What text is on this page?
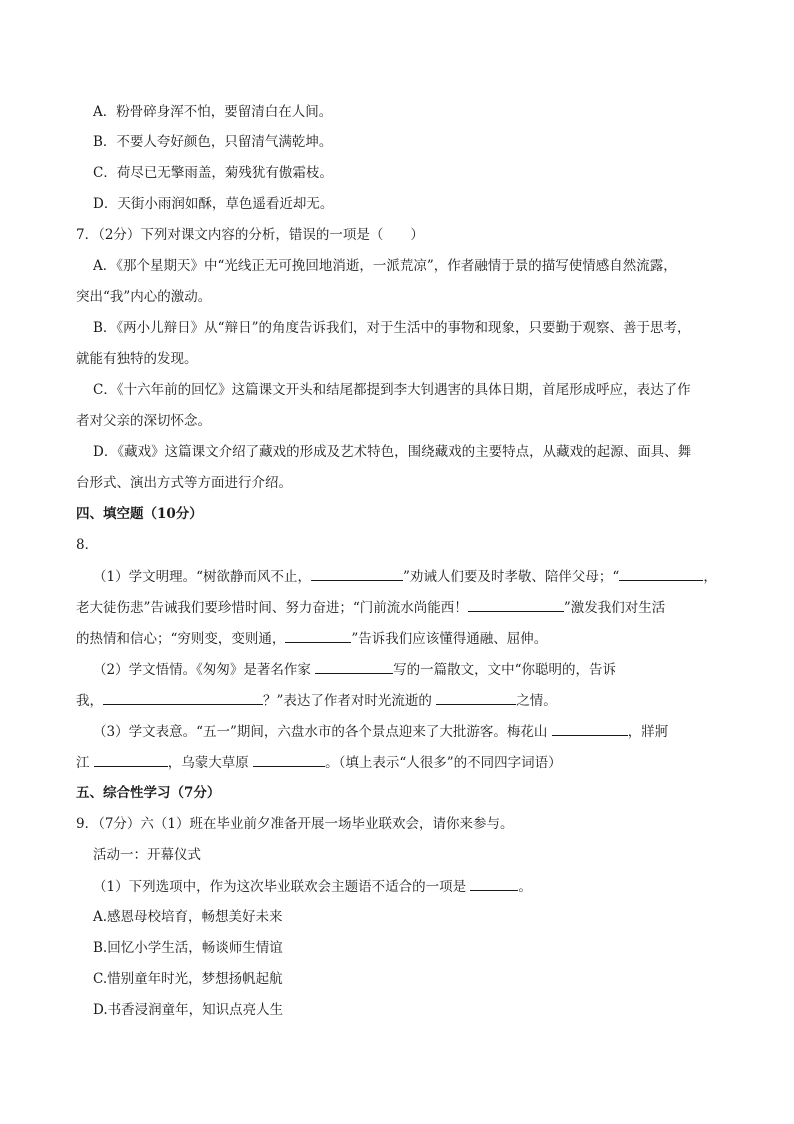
A．粉骨碎身浑不怕，要留清白在人间。
B．不要人夸好颜色，只留清气满乾坤。
C．荷尽已无擎雨盖，菊残犹有傲霜枝。
D．天街小雨润如酥，草色遥看近却无。
7．（2分）下列对课文内容的分析，错误的一项是（　　）
A．《那个星期天》中“光线正无可挽回地消逝，一派荒凉”，作者融情于景的描写使情感自然流露，
突出“我”内心的激动。
B．《两小儿辩日》从“辩日”的角度告诉我们，对于生活中的事物和现象，只要勤于观察、善于思考，
就能有独特的发现。
C．《十六年前的回忆》这篇课文开头和结尾都提到李大钊遇害的具体日期，首尾形成呼应，表达了作
者对父亲的深切怀念。
D．《藏戏》这篇课文介绍了藏戏的形成及艺术特色，围绕藏戏的主要特点，从藏戏的起源、面具、舞
台形式、演出方式等方面进行介绍。
四、填空题（10分）
8．
（1）学文明理。“树欲静而风不止，	”劝诫人们要及时孝敬、陪伴父母；“	，
老大徒伤悲”告诫我们要珍惜时间、努力奋进；“门前流水尚能西！	”激发我们对生活
的热情和信心；“穷则变，变则通，	”告诉我们应该懂得通融、屈伸。
（2）学文悟情。《匆匆》是著名作家	写的一篇散文，文中“你聪明的，告诉
我，	？”表达了作者对时光流逝的	之情。
（3）学文表意。“五一”期间，六盘水市的各个景点迎来了大批游客。梅花山	，牂牁
江	，乌蒙大草原	。（填上表示“人很多”的不同四字词语）
五、综合性学习（7分）
9．（7分）六（1）班在毕业前夕准备开展一场毕业联欢会，请你来参与。
活动一：开幕仪式
（1）下列选项中，作为这次毕业联欢会主题语不适合的一项是	。
A.感恩母校培育，畅想美好未来
B.回忆小学生活，畅谈师生情谊
C.惜别童年时光，梦想扬帆起航
D.书香浸润童年，知识点亮人生
